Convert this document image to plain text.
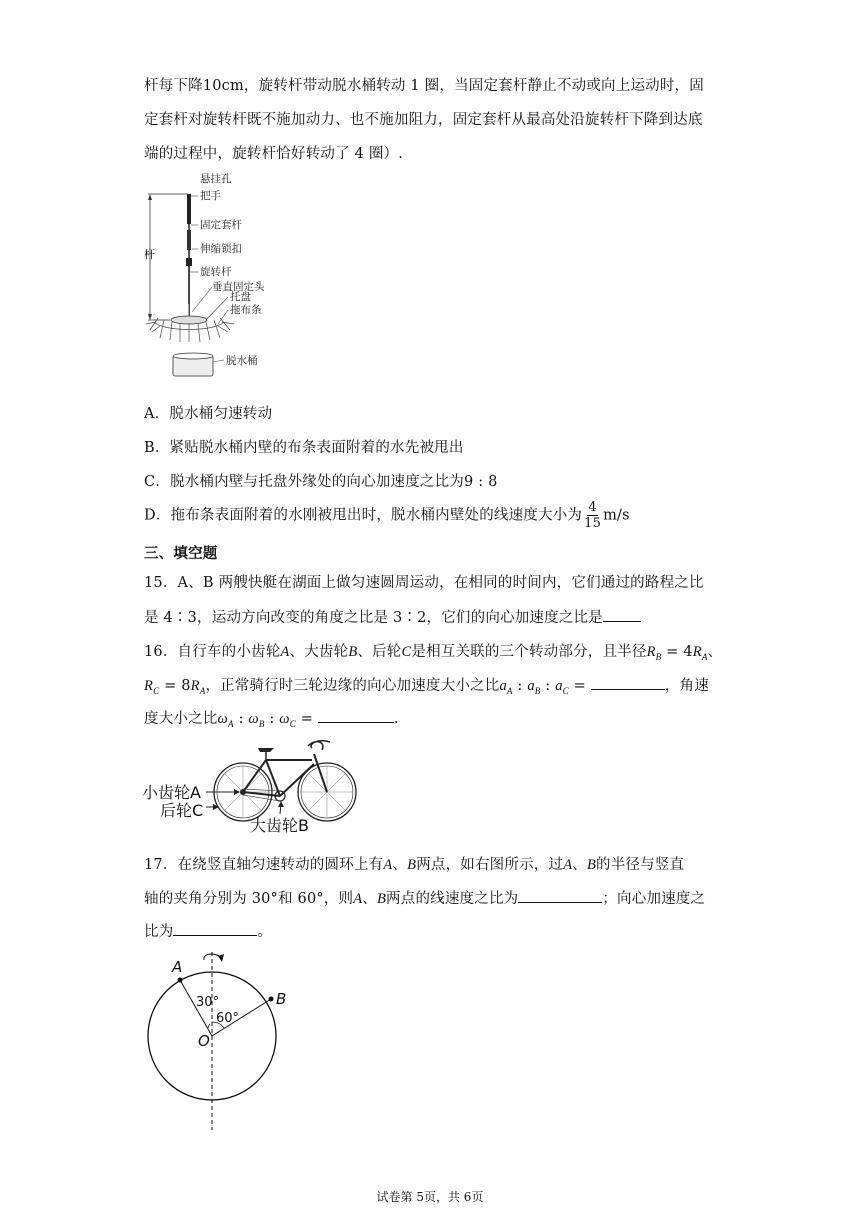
杆每下降10cm，旋转杆带动脱水桶转动 1 圈，当固定套杆静止不动或向上运动时，固
定套杆对旋转杆既不施加动力、也不施加阻力，固定套杆从最高处沿旋转杆下降到达底
端的过程中，旋转杆恰好转动了 4 圈）.
杆
悬挂孔
把手
固定套杆
伸缩锁扣
旋转杆
垂直固定头
托盘
拖布条
脱水桶
A．脱水桶匀速转动
B．紧贴脱水桶内壁的布条表面附着的水先被甩出
C．脱水桶内壁与托盘外缘处的向心加速度之比为9 : 8
D．拖布条表面附着的水刚被甩出时，脱水桶内壁处的线速度大小为 $\frac{4}{15} m/s$
三、填空题
15．A、B 两艘快艇在湖面上做匀速圆周运动，在相同的时间内，它们通过的路程之比
是 4∶3，运动方向改变的角度之比是 3∶2，它们的向心加速度之比是
16．自行车的小齿轮A、大齿轮B、后轮C是相互关联的三个转动部分，且半径$R_B = 4R_A$、
$R_C = 8R_A$，正常骑行时三轮边缘的向心加速度大小之比$a_A$ : $a_B$ : $a_C$ =	，角速
度大小之比$\omega_A$ : $\omega_B$ : $\omega_C$ =	.
小齿轮A
后轮C
大齿轮B
17．在绕竖直轴匀速转动的圆环上有A、B两点，如右图所示，过A、B的半径与竖直
轴的夹角分别为 30°和 60°，则A、B两点的线速度之比为	；向心加速度之
比为	。
A
B
O
30°
60°
试卷第 5页，共 6页
